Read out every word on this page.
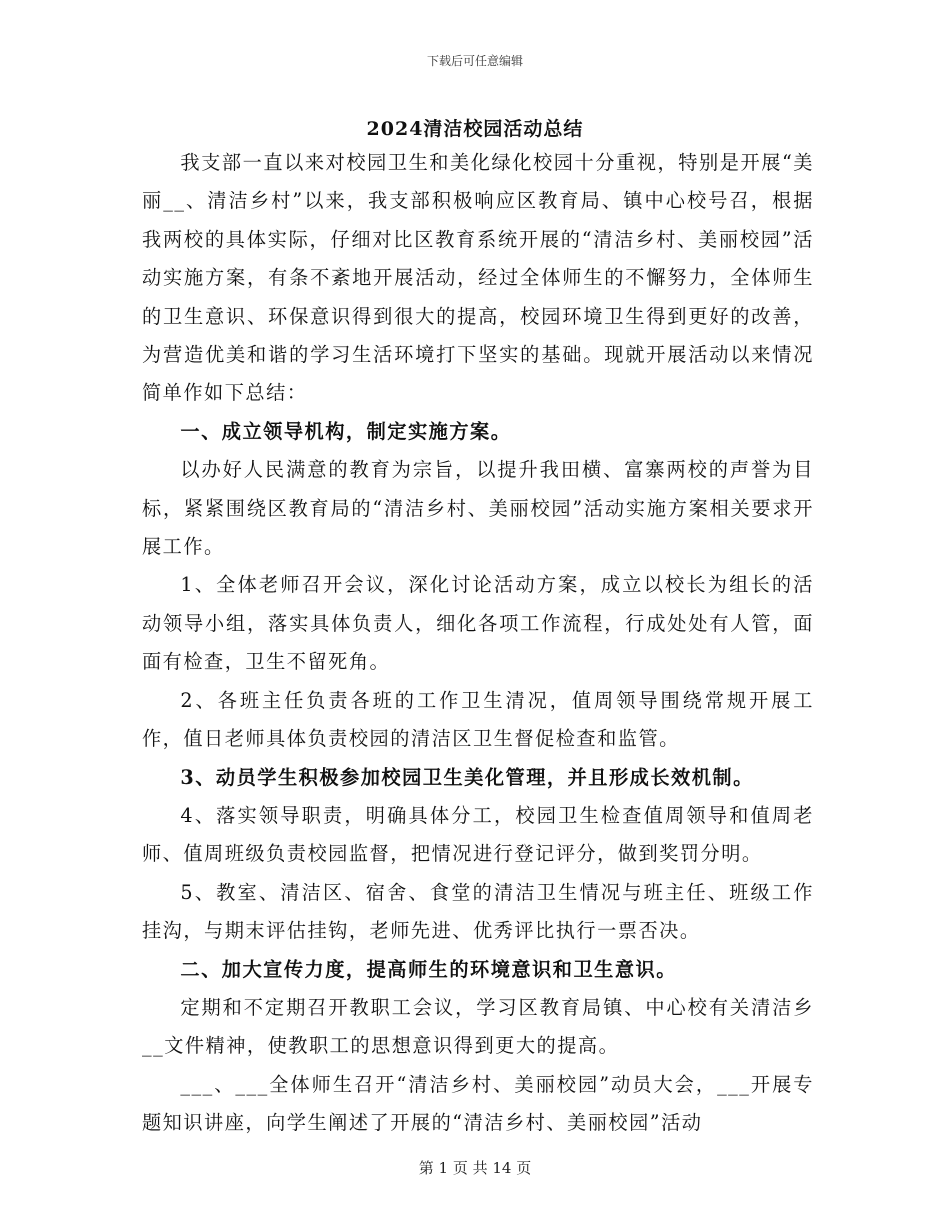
下载后可任意编辑
2024清洁校园活动总结

我支部一直以来对校园卫生和美化绿化校园十分重视，特别是开展“美丽__、清洁乡村”以来，我支部积极响应区教育局、镇中心校号召，根据我两校的具体实际，仔细对比区教育系统开展的“清洁乡村、美丽校园”活动实施方案，有条不紊地开展活动，经过全体师生的不懈努力，全体师生的卫生意识、环保意识得到很大的提高，校园环境卫生得到更好的改善，为营造优美和谐的学习生活环境打下坚实的基础。现就开展活动以来情况简单作如下总结：

一、成立领导机构，制定实施方案。

以办好人民满意的教育为宗旨，以提升我田横、富寨两校的声誉为目标，紧紧围绕区教育局的“清洁乡村、美丽校园”活动实施方案相关要求开展工作。

1、全体老师召开会议，深化讨论活动方案，成立以校长为组长的活动领导小组，落实具体负责人，细化各项工作流程，行成处处有人管，面面有检查，卫生不留死角。

2、各班主任负责各班的工作卫生清况，值周领导围绕常规开展工作，值日老师具体负责校园的清洁区卫生督促检查和监管。

3、动员学生积极参加校园卫生美化管理，并且形成长效机制。

4、落实领导职责，明确具体分工，校园卫生检查值周领导和值周老师、值周班级负责校园监督，把情况进行登记评分，做到奖罚分明。

5、教室、清洁区、宿舍、食堂的清洁卫生情况与班主任、班级工作挂沟，与期末评估挂钩，老师先进、优秀评比执行一票否决。

二、加大宣传力度，提高师生的环境意识和卫生意识。

定期和不定期召开教职工会议，学习区教育局镇、中心校有关清洁乡__文件精神，使教职工的思想意识得到更大的提高。

___、___全体师生召开“清洁乡村、美丽校园”动员大会，___开展专题知识讲座，向学生阐述了开展的“清洁乡村、美丽校园”活动

第 1 页 共 14 页
